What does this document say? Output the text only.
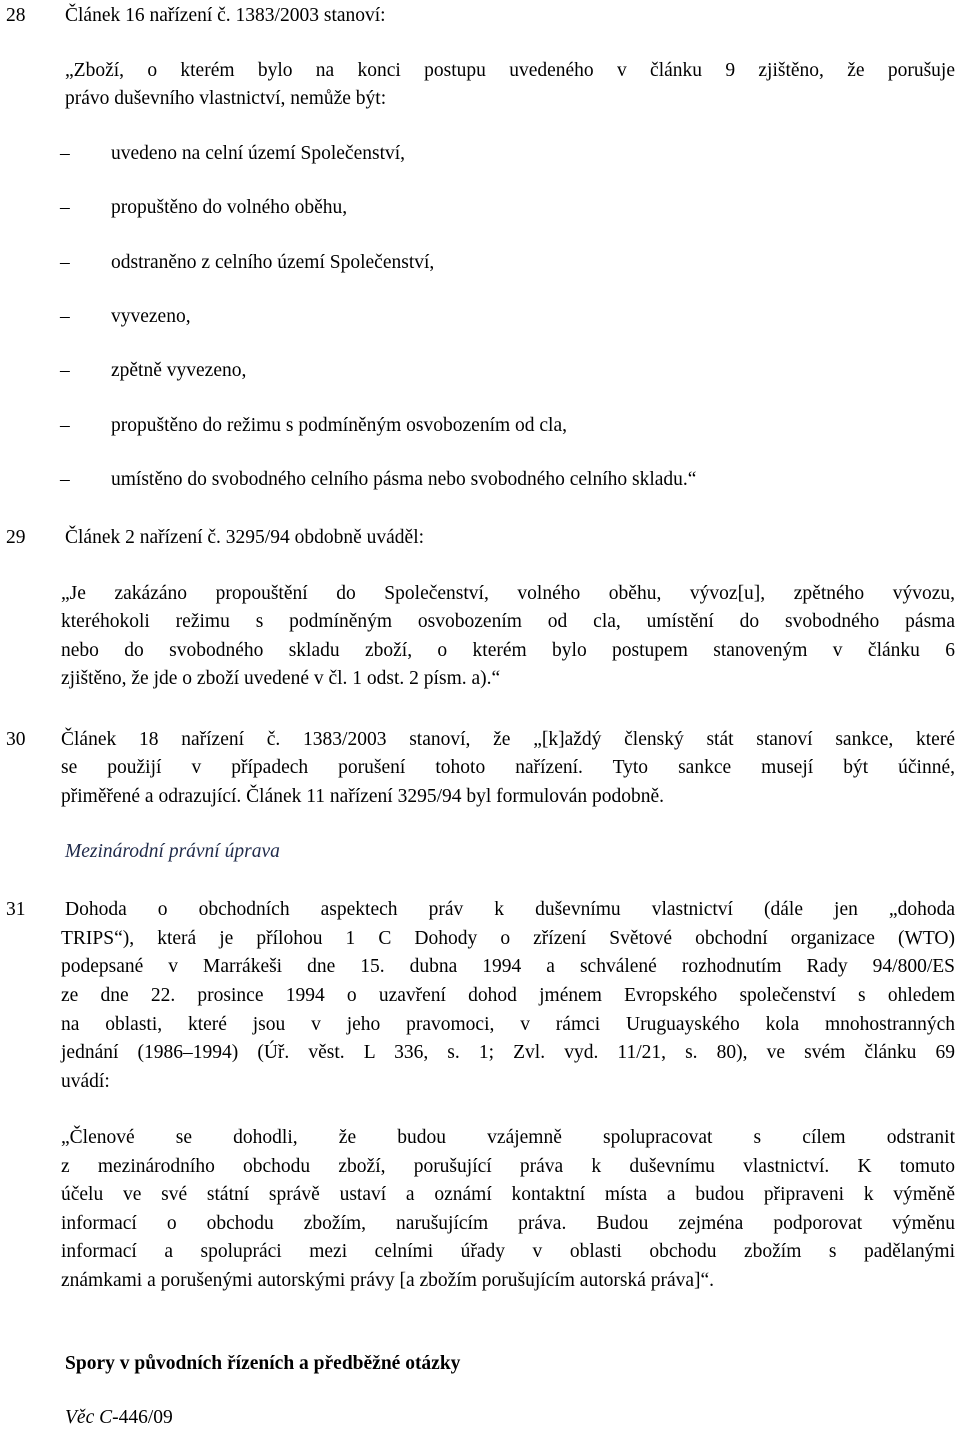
28 Článek 16 nařízení č. 1383/2003 stanoví:
„Zboží, o kterém bylo na konci postupu uvedeného v článku 9 zjištěno, že porušuje
právo duševního vlastnictví, nemůže být:
– uvedeno na celní území Společenství,
– propuštěno do volného oběhu,
– odstraněno z celního území Společenství,
– vyvezeno,
– zpětně vyvezeno,
– propuštěno do režimu s podmíněným osvobozením od cla,
– umístěno do svobodného celního pásma nebo svobodného celního skladu.“
29 Článek 2 nařízení č. 3295/94 obdobně uváděl:
„Je zakázáno propouštění do Společenství, volného oběhu, vývoz[u], zpětného vývozu,
kteréhokoli režimu s podmíněným osvobozením od cla, umístění do svobodného pásma
nebo do svobodného skladu zboží, o kterém bylo postupem stanoveným v článku 6
zjištěno, že jde o zboží uvedené v čl. 1 odst. 2 písm. a).“
30 Článek 18 nařízení č. 1383/2003 stanoví, že „[k]aždý členský stát stanoví sankce, které
se použijí v případech porušení tohoto nařízení. Tyto sankce musejí být účinné,
přiměřené a odrazující. Článek 11 nařízení 3295/94 byl formulován podobně.
Mezinárodní právní úprava
31 Dohoda o obchodních aspektech práv k duševnímu vlastnictví (dále jen „dohoda
TRIPS“), která je přílohou 1 C Dohody o zřízení Světové obchodní organizace (WTO)
podepsané v Marrákeši dne 15. dubna 1994 a schválené rozhodnutím Rady 94/800/ES
ze dne 22. prosince 1994 o uzavření dohod jménem Evropského společenství s ohledem
na oblasti, které jsou v jeho pravomoci, v rámci Uruguayského kola mnohostranných
jednání (1986–1994) (Úř. věst. L 336, s. 1; Zvl. vyd. 11/21, s. 80), ve svém článku 69
uvádí:
„Členové se dohodli, že budou vzájemně spolupracovat s cílem odstranit
z mezinárodního obchodu zboží, porušující práva k duševnímu vlastnictví. K tomuto
účelu ve své státní správě ustaví a oznámí kontaktní místa a budou připraveni k výměně
informací o obchodu zbožím, narušujícím práva. Budou zejména podporovat výměnu
informací a spolupráci mezi celními úřady v oblasti obchodu zbožím s padělanými
známkami a porušenými autorskými právy [a zbožím porušujícím autorská práva]“.
Spory v původních řízeních a předběžné otázky
Věc C-446/09
